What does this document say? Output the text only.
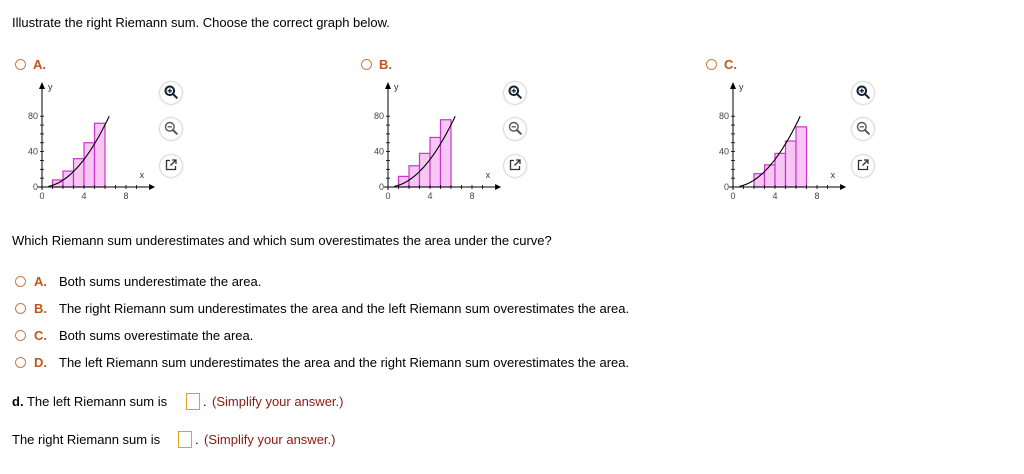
Illustrate the right Riemann sum. Choose the correct graph below.
A.
0	4	8
0
40
80
x
y
B.
0	4	8
0
40
80
x
y
C.
0	4	8
0
40
80
x
y
Which Riemann sum underestimates and which sum overestimates the area under the curve?
A. Both sums underestimate the area.
B. The right Riemann sum underestimates the area and the left Riemann sum overestimates the area.
C. Both sums overestimate the area.
D. The left Riemann sum underestimates the area and the right Riemann sum overestimates the area.
d. The left Riemann sum is	. (Simplify your answer.)
The right Riemann sum is	. (Simplify your answer.)
